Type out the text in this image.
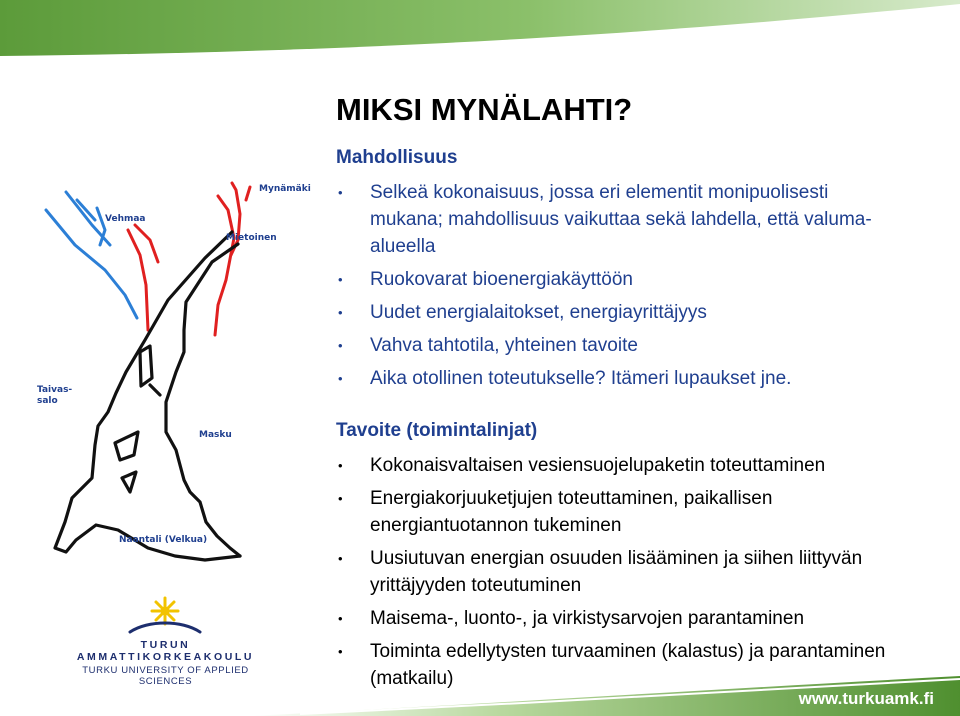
MIKSI MYNÄLAHTI?
Mahdollisuus
• Selkeä kokonaisuus, jossa eri elementit monipuolisesti mukana; mahdollisuus vaikuttaa sekä lahdella, että valuma-alueella
• Ruokovarat bioenergiakäyttöön
• Uudet energialaitokset, energiayrittäjyys
• Vahva tahtotila, yhteinen tavoite
• Aika otollinen toteutukselle? Itämeri lupaukset jne.
Tavoite (toimintalinjat)
• Kokonaisvaltaisen vesiensuojelupaketin toteuttaminen
• Energiakorjuuketjujen toteuttaminen, paikallisen energiantuotannon tukeminen
• Uusiutuvan energian osuuden lisääminen ja siihen liittyvän yrittäjyyden toteutuminen
• Maisema-, luonto-, ja virkistysarvojen parantaminen
• Toiminta edellytysten turvaaminen (kalastus) ja parantaminen (matkailu)
Mynämäki
Vehmaa
Mietoinen
Taivas-
salo
Masku
Naantali (Velkua)

TURUN AMMATTIKORKEAKOULU

TURKU UNIVERSITY OF APPLIED SCIENCES

www.turkuamk.fi
